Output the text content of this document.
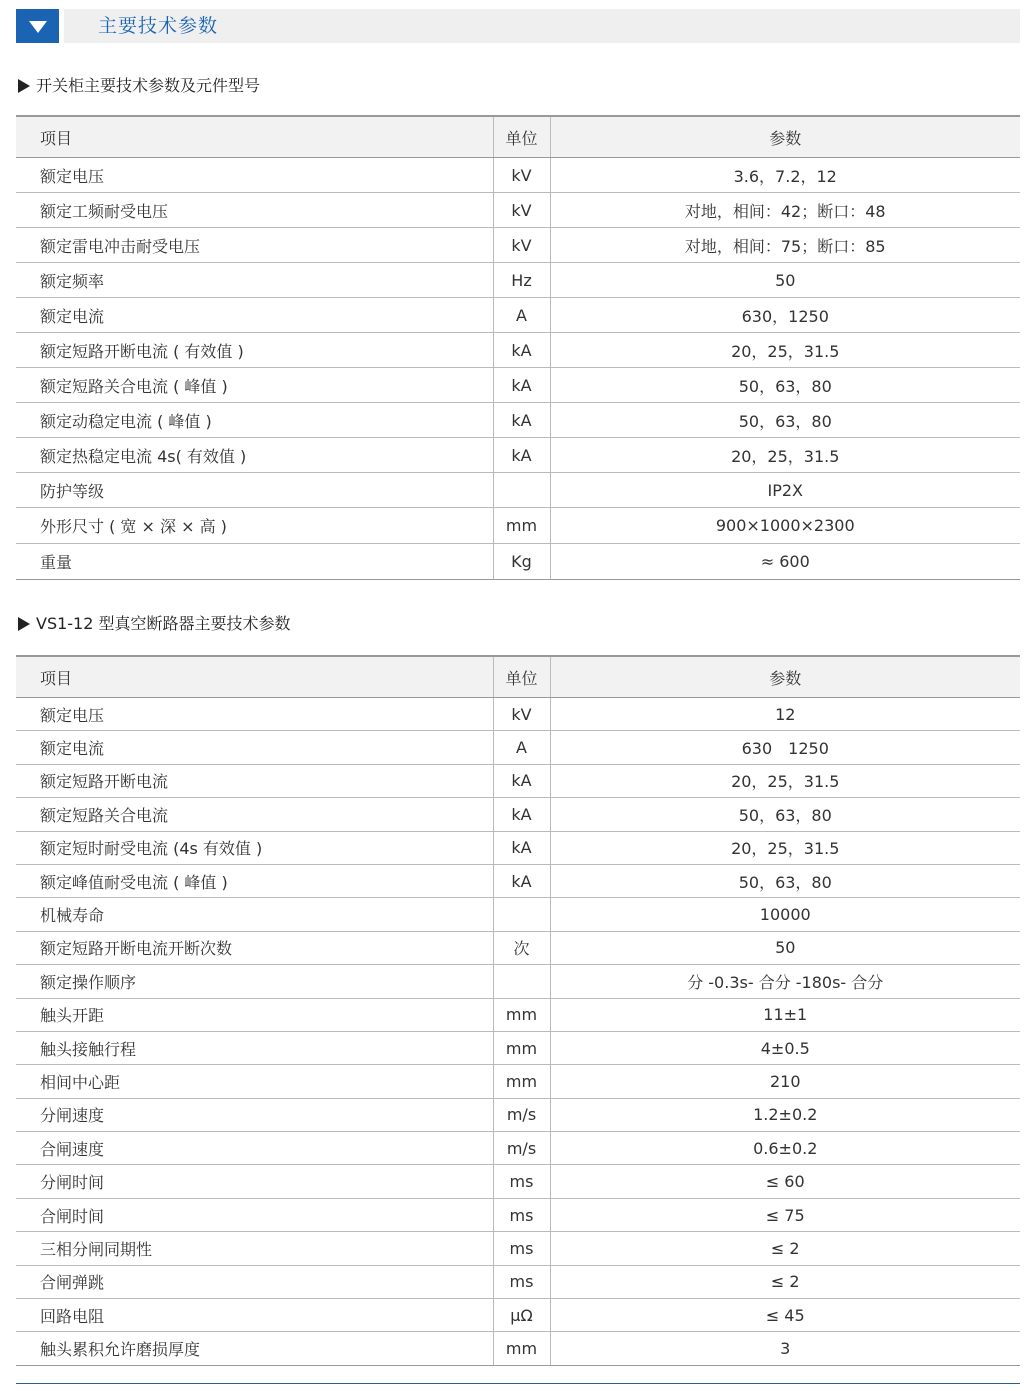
主要技术参数
开关柜主要技术参数及元件型号
项目	单位	参数
额定电压	kV	3.6，7.2，12
额定工频耐受电压	kV	对地，相间：42；断口：48
额定雷电冲击耐受电压	kV	对地，相间：75；断口：85
额定频率	Hz	50
额定电流	A	630，1250
额定短路开断电流 ( 有效值 )	kA	20，25，31.5
额定短路关合电流 ( 峰值 )	kA	50，63，80
额定动稳定电流 ( 峰值 )	kA	50，63，80
额定热稳定电流 4s( 有效值 )	kA	20，25，31.5
防护等级		IP2X
外形尺寸 ( 宽 × 深 × 高 )	mm	900×1000×2300
重量	Kg	≈ 600
VS1-12 型真空断路器主要技术参数
项目	单位	参数
额定电压	kV	12
额定电流	A	630　1250
额定短路开断电流	kA	20，25，31.5
额定短路关合电流	kA	50，63，80
额定短时耐受电流 (4s 有效值 )	kA	20，25，31.5
额定峰值耐受电流 ( 峰值 )	kA	50，63，80
机械寿命		10000
额定短路开断电流开断次数	次	50
额定操作顺序		分 -0.3s- 合分 -180s- 合分
触头开距	mm	11±1
触头接触行程	mm	4±0.5
相间中心距	mm	210
分闸速度	m/s	1.2±0.2
合闸速度	m/s	0.6±0.2
分闸时间	ms	≤ 60
合闸时间	ms	≤ 75
三相分闸同期性	ms	≤ 2
合闸弹跳	ms	≤ 2
回路电阻	μΩ	≤ 45
触头累积允许磨损厚度	mm	3
